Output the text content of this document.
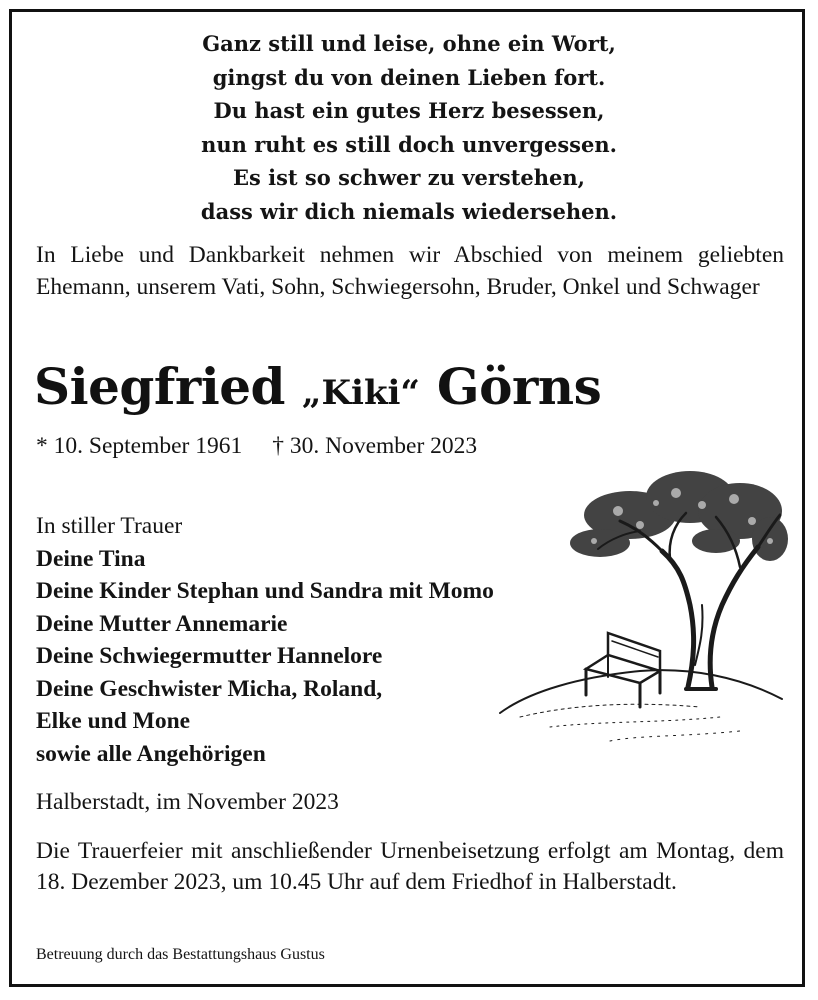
Ganz still und leise, ohne ein Wort,
gingst du von deinen Lieben fort.
Du hast ein gutes Herz besessen,
nun ruht es still doch unvergessen.
Es ist so schwer zu verstehen,
dass wir dich niemals wiedersehen.
In Liebe und Dankbarkeit nehmen wir Abschied von meinem geliebten Ehemann, unserem Vati, Sohn, Schwiegersohn, Bruder, Onkel und Schwager
Siegfried „Kiki“ Görns
* 10. September 1961 † 30. November 2023
In stiller Trauer
Deine Tina
Deine Kinder Stephan und Sandra mit Momo
Deine Mutter Annemarie
Deine Schwiegermutter Hannelore
Deine Geschwister Micha, Roland,
Elke und Mone
sowie alle Angehörigen
Halberstadt, im November 2023
Die Trauerfeier mit anschließender Urnenbeisetzung erfolgt am Montag, dem 18. Dezember 2023, um 10.45 Uhr auf dem Friedhof in Halberstadt.
Betreuung durch das Bestattungshaus Gustus
